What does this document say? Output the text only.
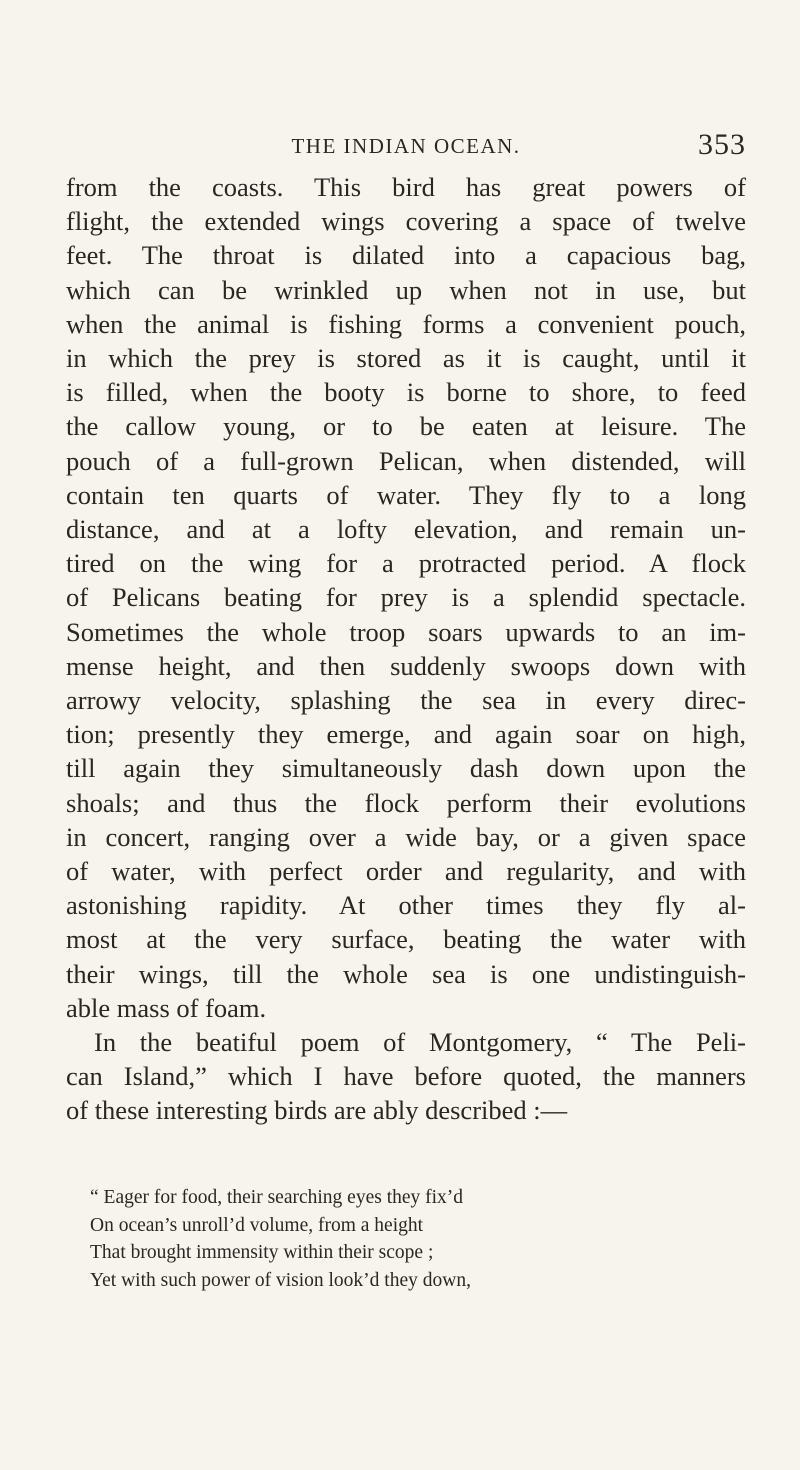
THE INDIAN OCEAN.	353
from the coasts. This bird has great powers of
flight, the extended wings covering a space of twelve
feet. The throat is dilated into a capacious bag,
which can be wrinkled up when not in use, but
when the animal is fishing forms a convenient pouch,
in which the prey is stored as it is caught, until it
is filled, when the booty is borne to shore, to feed
the callow young, or to be eaten at leisure. The
pouch of a full-grown Pelican, when distended, will
contain ten quarts of water. They fly to a long
distance, and at a lofty elevation, and remain un-
tired on the wing for a protracted period. A flock
of Pelicans beating for prey is a splendid spectacle.
Sometimes the whole troop soars upwards to an im-
mense height, and then suddenly swoops down with
arrowy velocity, splashing the sea in every direc-
tion; presently they emerge, and again soar on high,
till again they simultaneously dash down upon the
shoals; and thus the flock perform their evolutions
in concert, ranging over a wide bay, or a given space
of water, with perfect order and regularity, and with
astonishing rapidity. At other times they fly al-
most at the very surface, beating the water with
their wings, till the whole sea is one undistinguish-
able mass of foam.
In the beatiful poem of Montgomery, “ The Peli-
can Island,” which I have before quoted, the manners
of these interesting birds are ably described :—
“ Eager for food, their searching eyes they fix’d
On ocean’s unroll’d volume, from a height
That brought immensity within their scope ;
Yet with such power of vision look’d they down,
